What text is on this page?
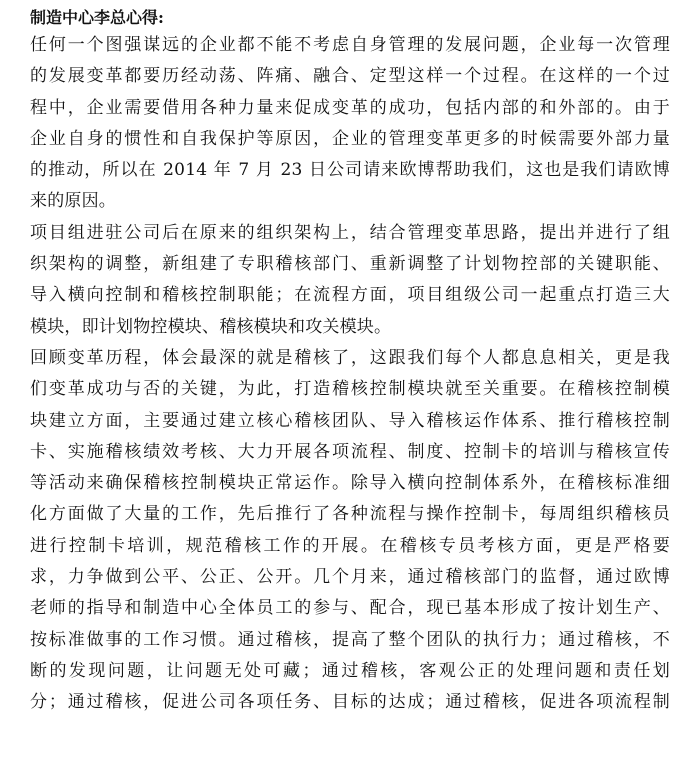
制造中心李总心得:
任何一个图强谋远的企业都不能不考虑自身管理的发展问题，企业每一次管理
的发展变革都要历经动荡、阵痛、融合、定型这样一个过程。在这样的一个过
程中，企业需要借用各种力量来促成变革的成功，包括内部的和外部的。由于
企业自身的惯性和自我保护等原因，企业的管理变革更多的时候需要外部力量
的推动，所以在 2014 年 7 月 23 日公司请来欧博帮助我们，这也是我们请欧博
来的原因。
项目组进驻公司后在原来的组织架构上，结合管理变革思路，提出并进行了组
织架构的调整，新组建了专职稽核部门、重新调整了计划物控部的关键职能、
导入横向控制和稽核控制职能；在流程方面，项目组级公司一起重点打造三大
模块，即计划物控模块、稽核模块和攻关模块。
回顾变革历程，体会最深的就是稽核了，这跟我们每个人都息息相关，更是我
们变革成功与否的关键，为此，打造稽核控制模块就至关重要。在稽核控制模
块建立方面，主要通过建立核心稽核团队、导入稽核运作体系、推行稽核控制
卡、实施稽核绩效考核、大力开展各项流程、制度、控制卡的培训与稽核宣传
等活动来确保稽核控制模块正常运作。除导入横向控制体系外，在稽核标准细
化方面做了大量的工作，先后推行了各种流程与操作控制卡，每周组织稽核员
进行控制卡培训，规范稽核工作的开展。在稽核专员考核方面，更是严格要
求，力争做到公平、公正、公开。几个月来，通过稽核部门的监督，通过欧博
老师的指导和制造中心全体员工的参与、配合，现已基本形成了按计划生产、
按标准做事的工作习惯。通过稽核，提高了整个团队的执行力；通过稽核，不
断的发现问题，让问题无处可藏；通过稽核，客观公正的处理问题和责任划
分；通过稽核，促进公司各项任务、目标的达成；通过稽核，促进各项流程制
